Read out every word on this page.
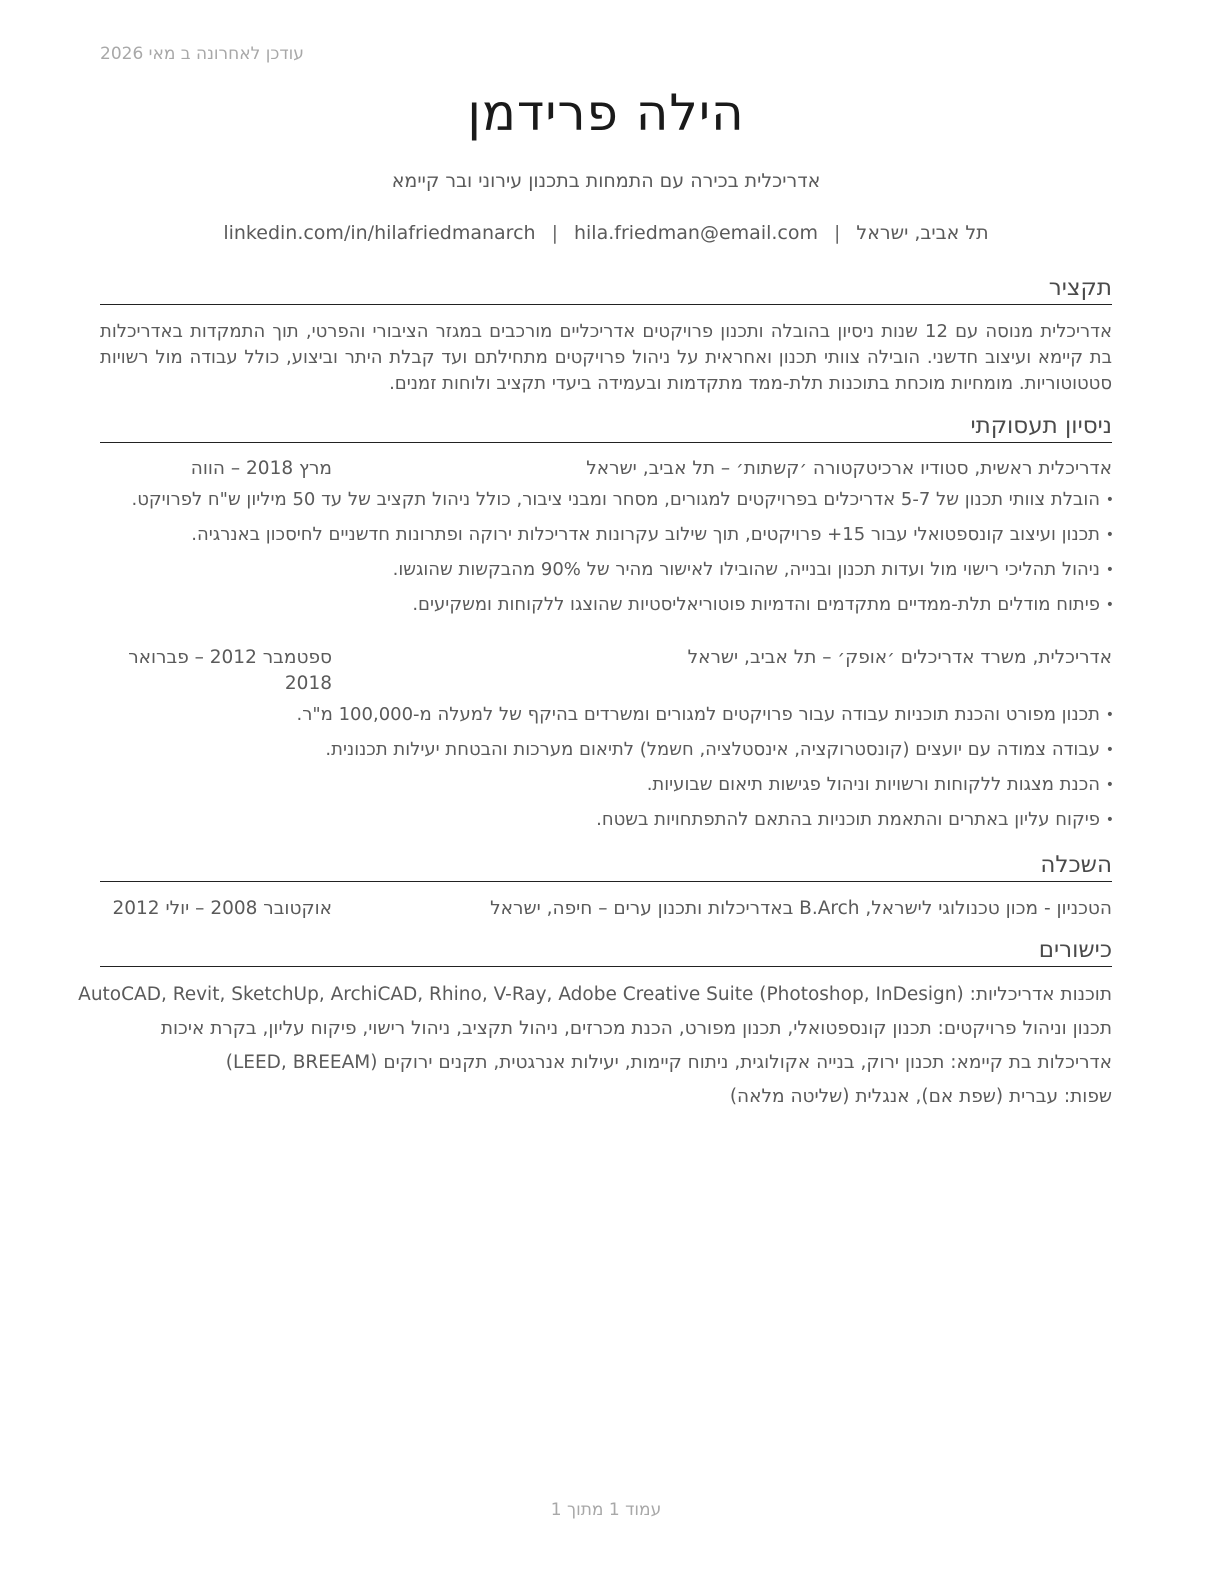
עודכן לאחרונה ב מאי 2026
הילה פרידמן
אדריכלית בכירה עם התמחות בתכנון עירוני ובר קיימא
תל אביב, ישראל|hila.friedman@email.com|linkedin.com/in/hilafriedmanarch
תקציר

אדריכלית מנוסה עם 12 שנות ניסיון בהובלה ותכנון פרויקטים אדריכליים מורכבים במגזר הציבורי והפרטי, תוך התמקדות באדריכלות בת קיימא ועיצוב חדשני. הובילה צוותי תכנון ואחראית על ניהול פרויקטים מתחילתם ועד קבלת היתר וביצוע, כולל עבודה מול רשויות סטטוטוריות. מומחיות מוכחת בתוכנות תלת-ממד מתקדמות ובעמידה ביעדי תקציב ולוחות זמנים.

ניסיון תעסוקתי
אדריכלית ראשית, סטודיו ארכיטקטורה ׳קשתות׳ – תל אביב, ישראל
מרץ 2018 – הווה
• הובלת צוותי תכנון של 5-7 אדריכלים בפרויקטים למגורים, מסחר ומבני ציבור, כולל ניהול תקציב של עד 50 מיליון ש"ח לפרויקט.
• תכנון ועיצוב קונספטואלי עבור 15+ פרויקטים, תוך שילוב עקרונות אדריכלות ירוקה ופתרונות חדשניים לחיסכון באנרגיה.
• ניהול תהליכי רישוי מול ועדות תכנון ובנייה, שהובילו לאישור מהיר של 90% מהבקשות שהוגשו.
• פיתוח מודלים תלת-ממדיים מתקדמים והדמיות פוטוריאליסטיות שהוצגו ללקוחות ומשקיעים.
אדריכלית, משרד אדריכלים ׳אופק׳ – תל אביב, ישראל
ספטמבר 2012 – פברואר 2018
• תכנון מפורט והכנת תוכניות עבודה עבור פרויקטים למגורים ומשרדים בהיקף של למעלה מ-100,000 מ"ר.
• עבודה צמודה עם יועצים (קונסטרוקציה, אינסטלציה, חשמל) לתיאום מערכות והבטחת יעילות תכנונית.
• הכנת מצגות ללקוחות ורשויות וניהול פגישות תיאום שבועיות.
• פיקוח עליון באתרים והתאמת תוכניות בהתאם להתפתחויות בשטח.
השכלה
הטכניון - מכון טכנולוגי לישראל, B.Arch באדריכלות ותכנון ערים – חיפה, ישראל
אוקטובר 2008 – יולי 2012
כישורים
תוכנות אדריכליות: AutoCAD, Revit, SketchUp, ArchiCAD, Rhino, V-Ray, Adobe Creative Suite (Photoshop, InDesign)
תכנון וניהול פרויקטים: תכנון קונספטואלי, תכנון מפורט, הכנת מכרזים, ניהול תקציב, ניהול רישוי, פיקוח עליון, בקרת איכות
אדריכלות בת קיימא: תכנון ירוק, בנייה אקולוגית, ניתוח קיימות, יעילות אנרגטית, תקנים ירוקים (LEED, BREEAM)
שפות: עברית (שפת אם), אנגלית (שליטה מלאה)
עמוד 1 מתוך 1
